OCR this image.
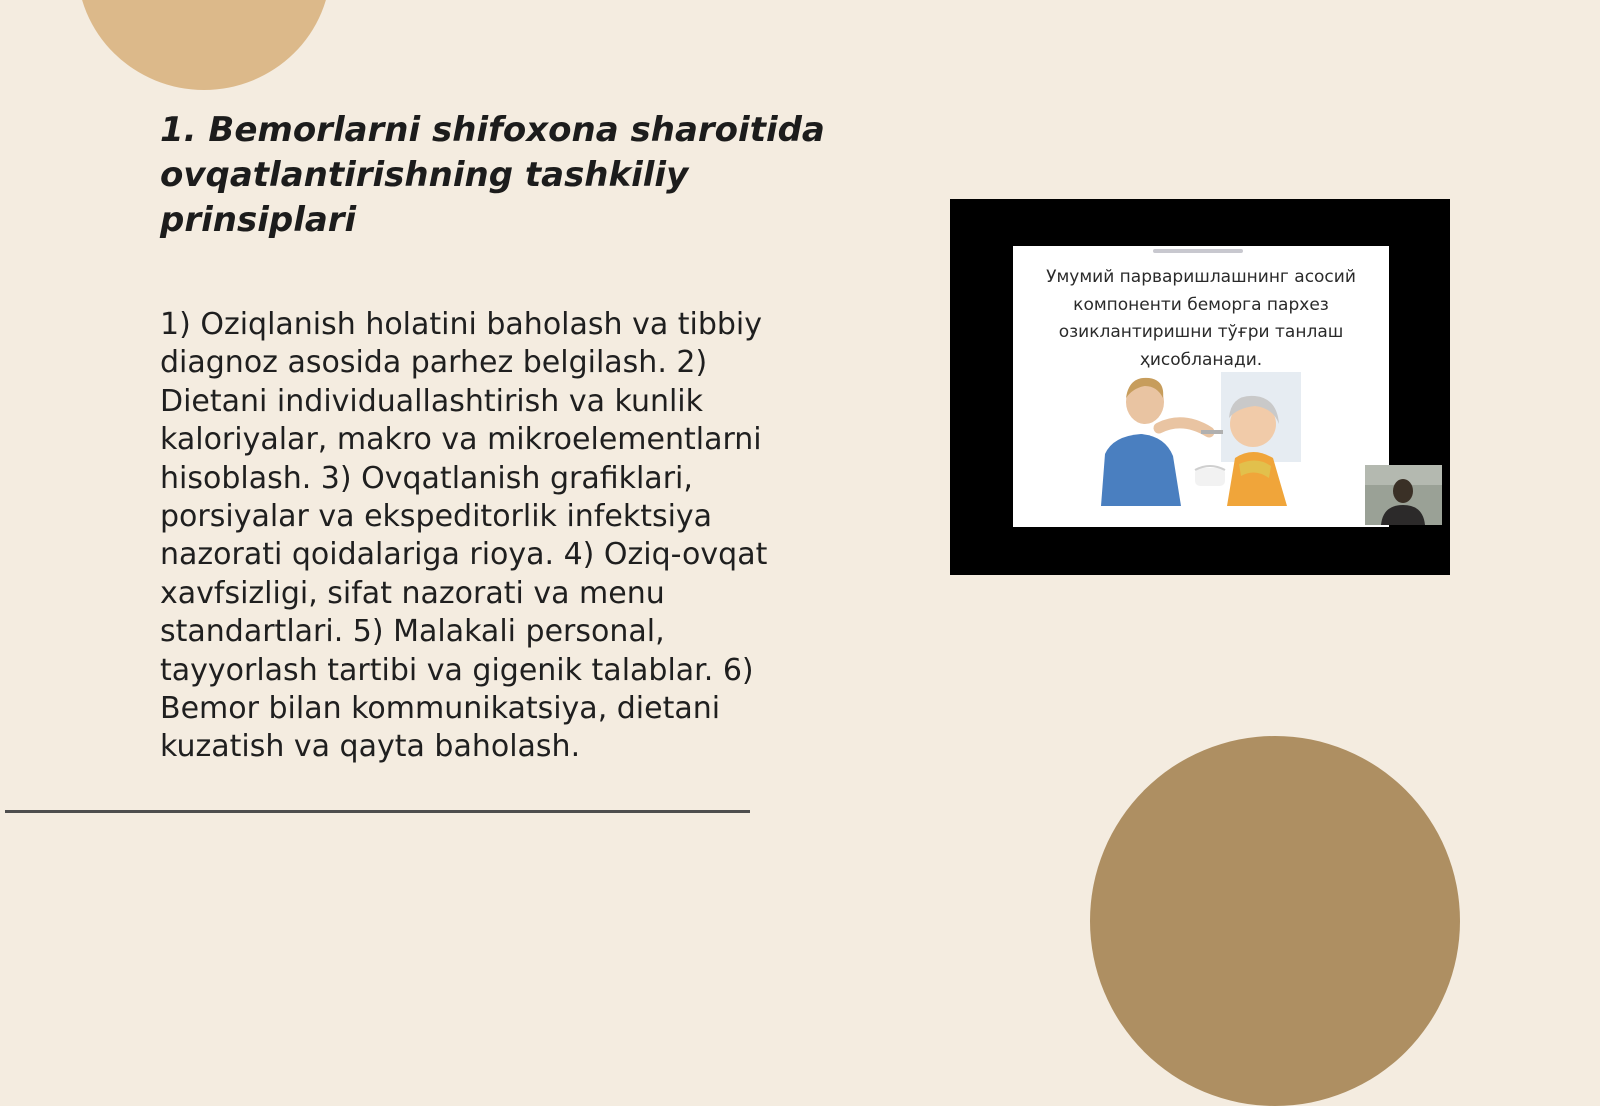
1. Bemorlarni shifoxona sharoitida ovqatlantirishning tashkiliy prinsiplari

1) Oziqlanish holatini baholash va tibbiy diagnoz asosida parhez belgilash. 2) Dietani individuallashtirish va kunlik kaloriyalar, makro va mikroelementlarni hisoblash. 3) Ovqatlanish grafiklari, porsiyalar va ekspeditorlik infektsiya nazorati qoidalariga rioya. 4) Oziq-ovqat xavfsizligi, sifat nazorati va menu standartlari. 5) Malakali personal, tayyorlash tartibi va gigenik talablar. 6) Bemor bilan kommunikatsiya, dietani kuzatish va qayta baholash.

Умумий парваришлашнинг асосий компоненти беморга пархез озиклантиришни тўғри танлаш ҳисобланади.
